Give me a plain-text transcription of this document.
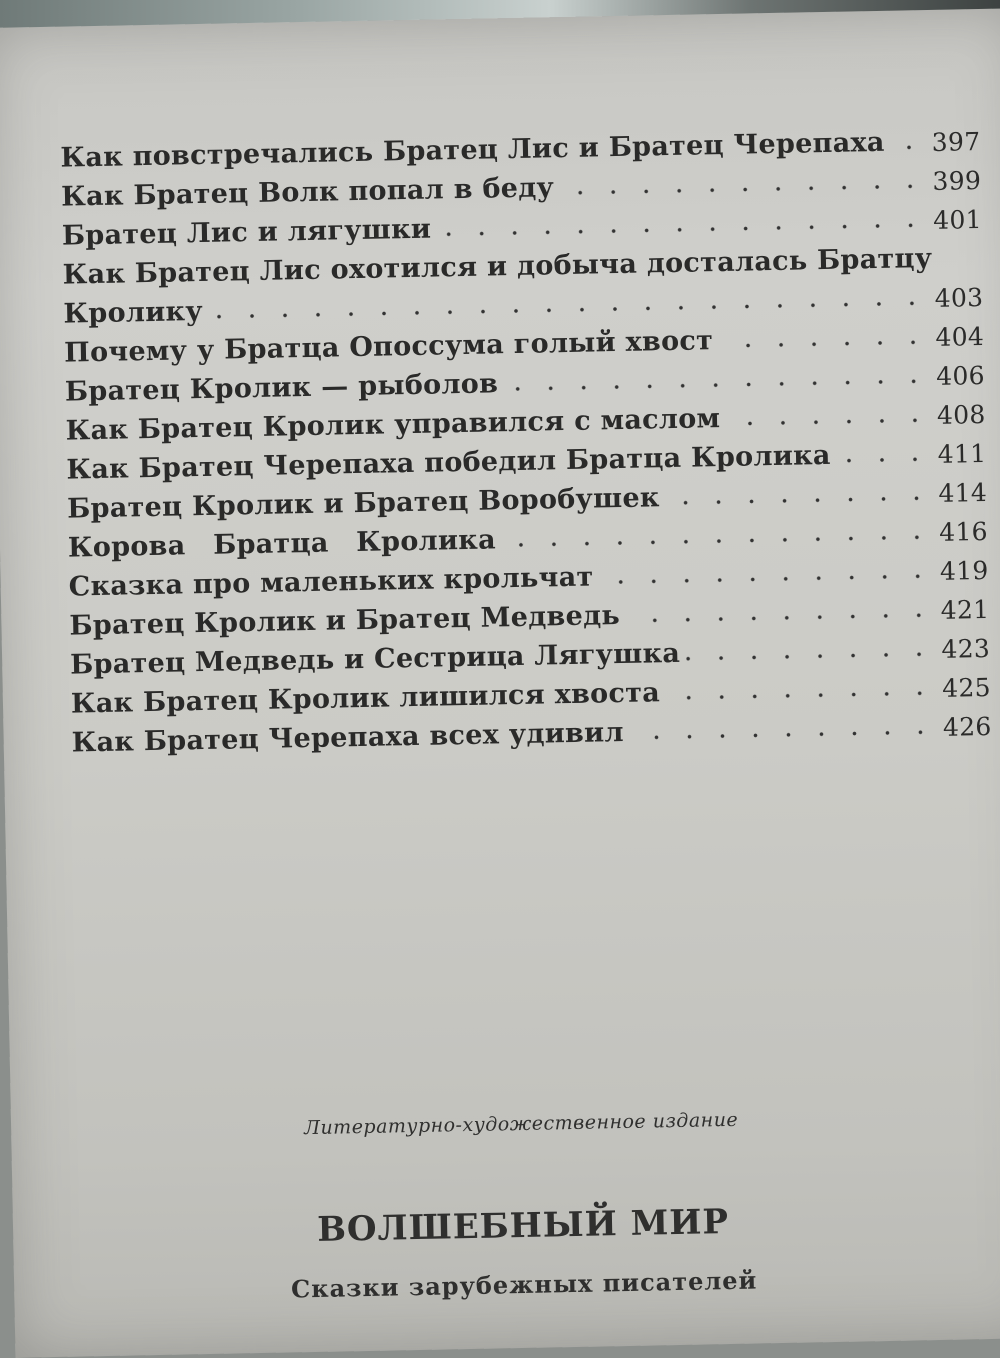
Как повстречались Братец Лис и Братец Черепаха 397
Как Братец Волк попал в беду	399
Братец Лис и лягушки	401
Как Братец Лис охотился и добыча досталась Братцу
Кролику	403
Почему у Братца Опоссума голый хвост	404
Братец Кролик — рыболов	406
Как Братец Кролик управился с маслом	408
Как Братец Черепаха победил Братца Кролика	411
Братец Кролик и Братец Воробушек	414
Корова Братца Кролика	416
Сказка про маленьких крольчат	419
Братец Кролик и Братец Медведь	421
Братец Медведь и Сестрица Лягушка	423
Как Братец Кролик лишился хвоста	425
Как Братец Черепаха всех удивил	426
Литературно-художественное издание
ВОЛШЕБНЫЙ МИР
Сказки зарубежных писателей
